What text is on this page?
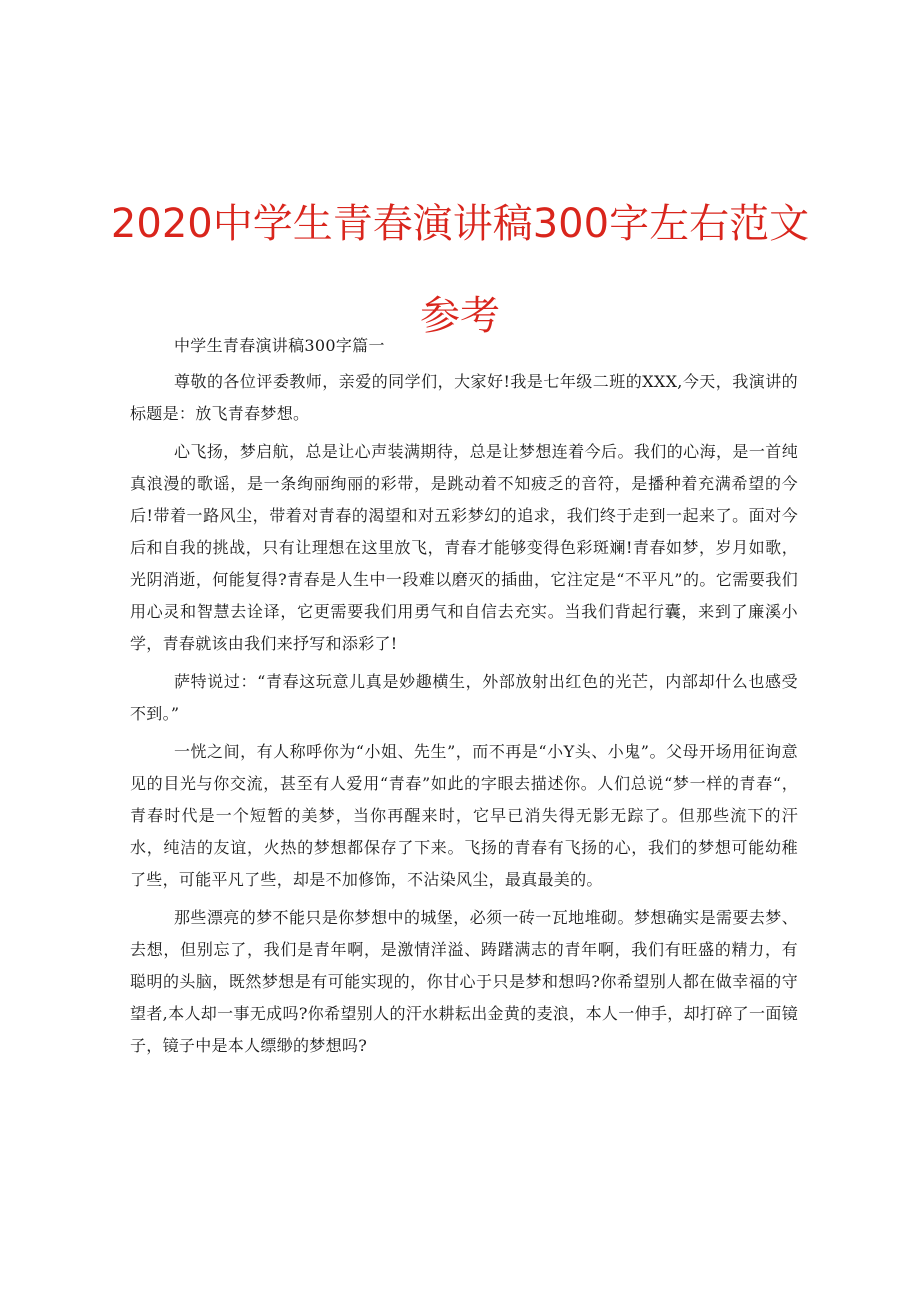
2020中学生青春演讲稿300字左右范文参考

中学生青春演讲稿300字篇一

尊敬的各位评委教师，亲爱的同学们，大家好!我是七年级二班的XXX,今天，我演讲的标题是：放飞青春梦想。

心飞扬，梦启航，总是让心声装满期待，总是让梦想连着今后。我们的心海，是一首纯真浪漫的歌谣，是一条绚丽绚丽的彩带，是跳动着不知疲乏的音符，是播种着充满希望的今后!带着一路风尘，带着对青春的渴望和对五彩梦幻的追求，我们终于走到一起来了。面对今后和自我的挑战，只有让理想在这里放飞，青春才能够变得色彩斑斓!青春如梦，岁月如歌，光阴消逝，何能复得?青春是人生中一段难以磨灭的插曲，它注定是“不平凡”的。它需要我们用心灵和智慧去诠译，它更需要我们用勇气和自信去充实。当我们背起行囊，来到了廉溪小学，青春就该由我们来抒写和添彩了!

萨特说过：“青春这玩意儿真是妙趣横生，外部放射出红色的光芒，内部却什么也感受不到。”

一恍之间，有人称呼你为“小姐、先生”，而不再是“小Y头、小鬼”。父母开场用征询意见的目光与你交流，甚至有人爱用“青春”如此的字眼去描述你。人们总说“梦一样的青春“，青春时代是一个短暂的美梦，当你再醒来时，它早已消失得无影无踪了。但那些流下的汗水，纯洁的友谊，火热的梦想都保存了下来。飞扬的青春有飞扬的心，我们的梦想可能幼稚了些，可能平凡了些，却是不加修饰，不沾染风尘，最真最美的。

那些漂亮的梦不能只是你梦想中的城堡，必须一砖一瓦地堆砌。梦想确实是需要去梦、去想，但别忘了，我们是青年啊，是激情洋溢、踌躇满志的青年啊，我们有旺盛的精力，有聪明的头脑，既然梦想是有可能实现的，你甘心于只是梦和想吗?你希望别人都在做幸福的守望者,本人却一事无成吗?你希望别人的汗水耕耘出金黄的麦浪，本人一伸手，却打碎了一面镜子，镜子中是本人缥缈的梦想吗?
